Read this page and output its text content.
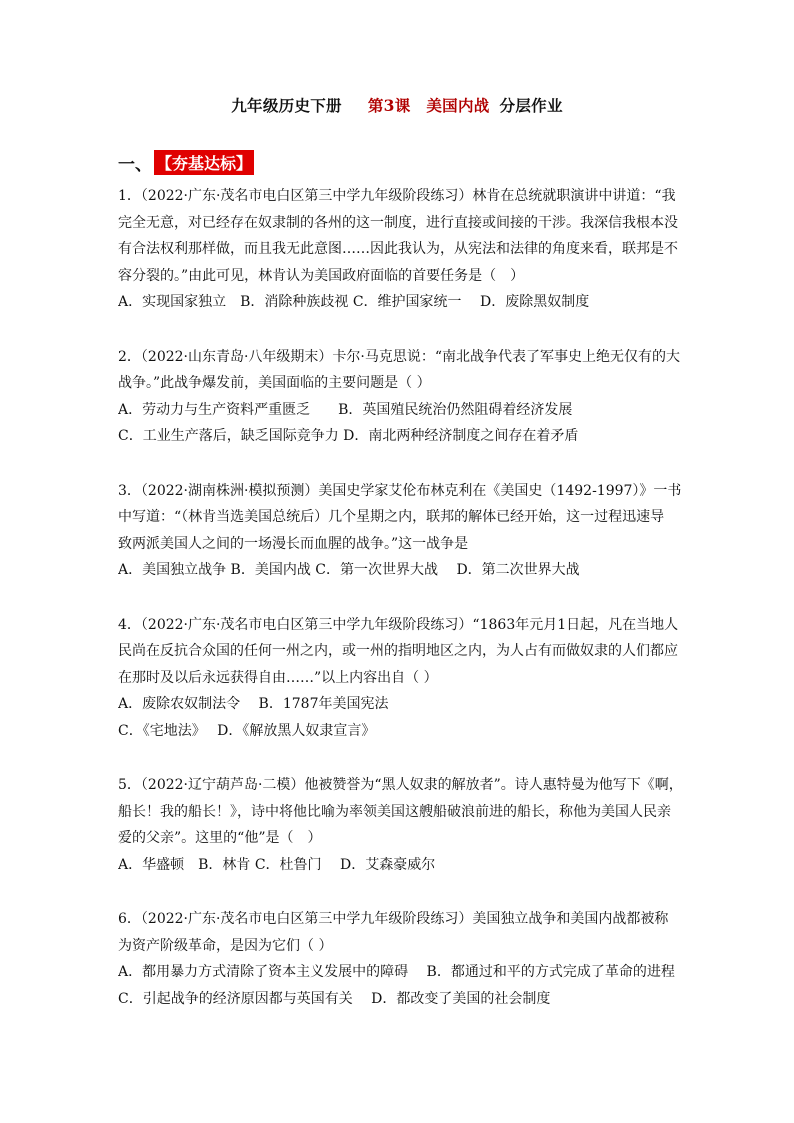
九年级历史下册 第3课　美国内战 分层作业
一、 【夯基达标】
1．（2022·广东·茂名市电白区第三中学九年级阶段练习）林肯在总统就职演讲中讲道：“我
完全无意，对已经存在奴隶制的各州的这一制度，进行直接或间接的干涉。我深信我根本没
有合法权利那样做，而且我无此意图……因此我认为，从宪法和法律的角度来看，联邦是不
容分裂的。”由此可见，林肯认为美国政府面临的首要任务是（　）
A．实现国家独立　B．消除种族歧视 C．维护国家统一　 D．废除黑奴制度
2．（2022·山东青岛·八年级期末）卡尔·马克思说：“南北战争代表了军事史上绝无仅有的大
战争。”此战争爆发前，美国面临的主要问题是（ ）
A．劳动力与生产资料严重匮乏　　B．英国殖民统治仍然阻碍着经济发展
C．工业生产落后，缺乏国际竞争力 D．南北两种经济制度之间存在着矛盾
3．（2022·湖南株洲·模拟预测）美国史学家艾伦布林克利在《美国史（1492-1997）》一书
中写道：“（林肯当选美国总统后）几个星期之内，联邦的解体已经开始，这一过程迅速导
致两派美国人之间的一场漫长而血腥的战争。”这一战争是
A．美国独立战争 B．美国内战 C．第一次世界大战　 D．第二次世界大战
4．（2022·广东·茂名市电白区第三中学九年级阶段练习）“1863年元月1日起，凡在当地人
民尚在反抗合众国的任何一州之内，或一州的指明地区之内，为人占有而做奴隶的人们都应
在那时及以后永远获得自由……”以上内容出自（ ）
A．废除农奴制法令　 B．1787年美国宪法
C．《宅地法》　 D．《解放黑人奴隶宣言》
5．（2022·辽宁葫芦岛·二模）他被赞誉为“黑人奴隶的解放者”。诗人惠特曼为他写下《啊，
船长！我的船长！》，诗中将他比喻为率领美国这艘船破浪前进的船长，称他为美国人民亲
爱的父亲”。这里的“他”是（　）
A．华盛顿　B．林肯 C．杜鲁门　 D．艾森豪威尔
6．（2022·广东·茂名市电白区第三中学九年级阶段练习）美国独立战争和美国内战都被称
为资产阶级革命，是因为它们（ ）
A．都用暴力方式清除了资本主义发展中的障碍　 B．都通过和平的方式完成了革命的进程
C．引起战争的经济原因都与英国有关　 D．都改变了美国的社会制度
